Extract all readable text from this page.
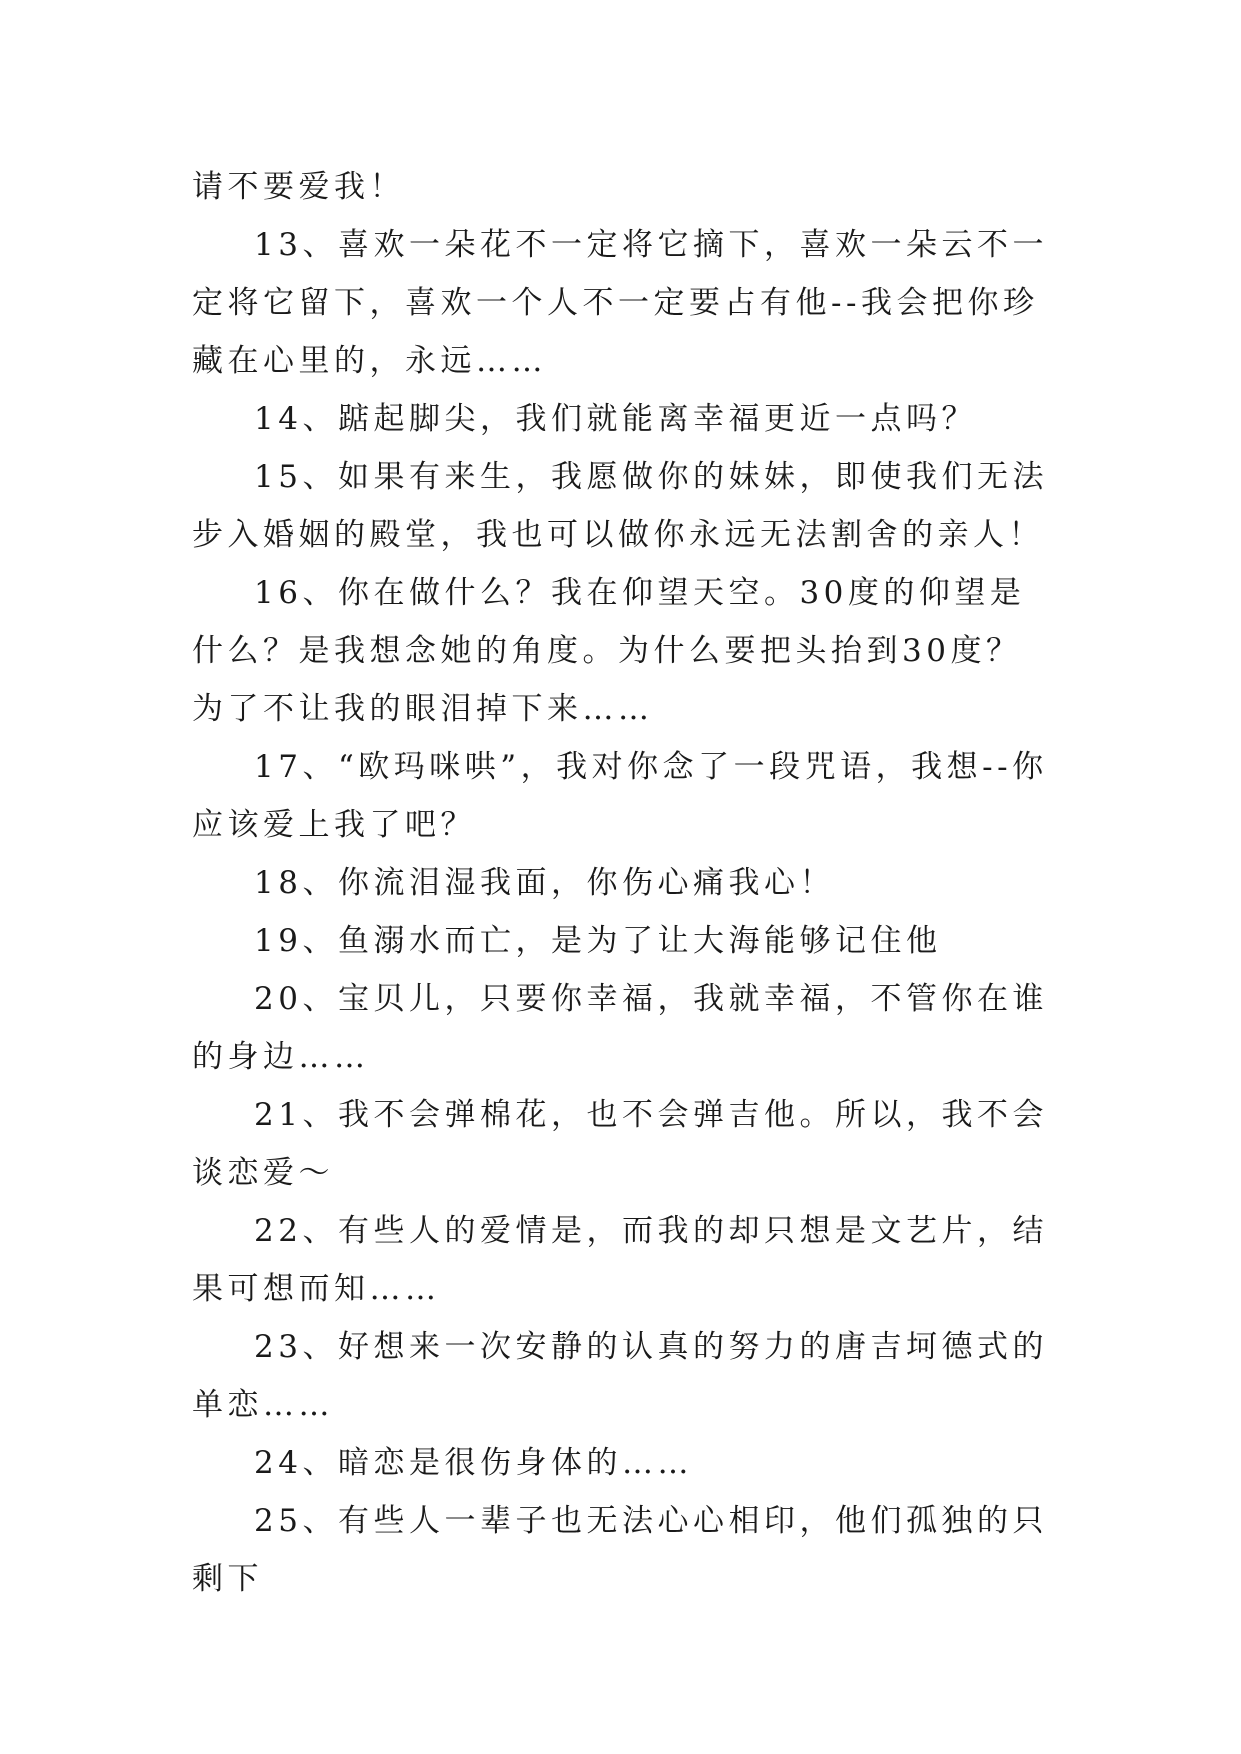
请不要爱我！

13、喜欢一朵花不一定将它摘下，喜欢一朵云不一定将它留下，喜欢一个人不一定要占有他--我会把你珍藏在心里的，永远……

14、踮起脚尖，我们就能离幸福更近一点吗？

15、如果有来生，我愿做你的妹妹，即使我们无法步入婚姻的殿堂，我也可以做你永远无法割舍的亲人！

16、你在做什么？我在仰望天空。30度的仰望是什么？是我想念她的角度。为什么要把头抬到30度？为了不让我的眼泪掉下来……

17、“欧玛咪哄”，我对你念了一段咒语，我想--你应该爱上我了吧？

18、你流泪湿我面，你伤心痛我心！

19、鱼溺水而亡，是为了让大海能够记住他

20、宝贝儿，只要你幸福，我就幸福，不管你在谁的身边……

21、我不会弹棉花，也不会弹吉他。所以，我不会谈恋爱～

22、有些人的爱情是，而我的却只想是文艺片，结果可想而知……

23、好想来一次安静的认真的努力的唐吉坷德式的单恋……

24、暗恋是很伤身体的……

25、有些人一辈子也无法心心相印，他们孤独的只剩下
